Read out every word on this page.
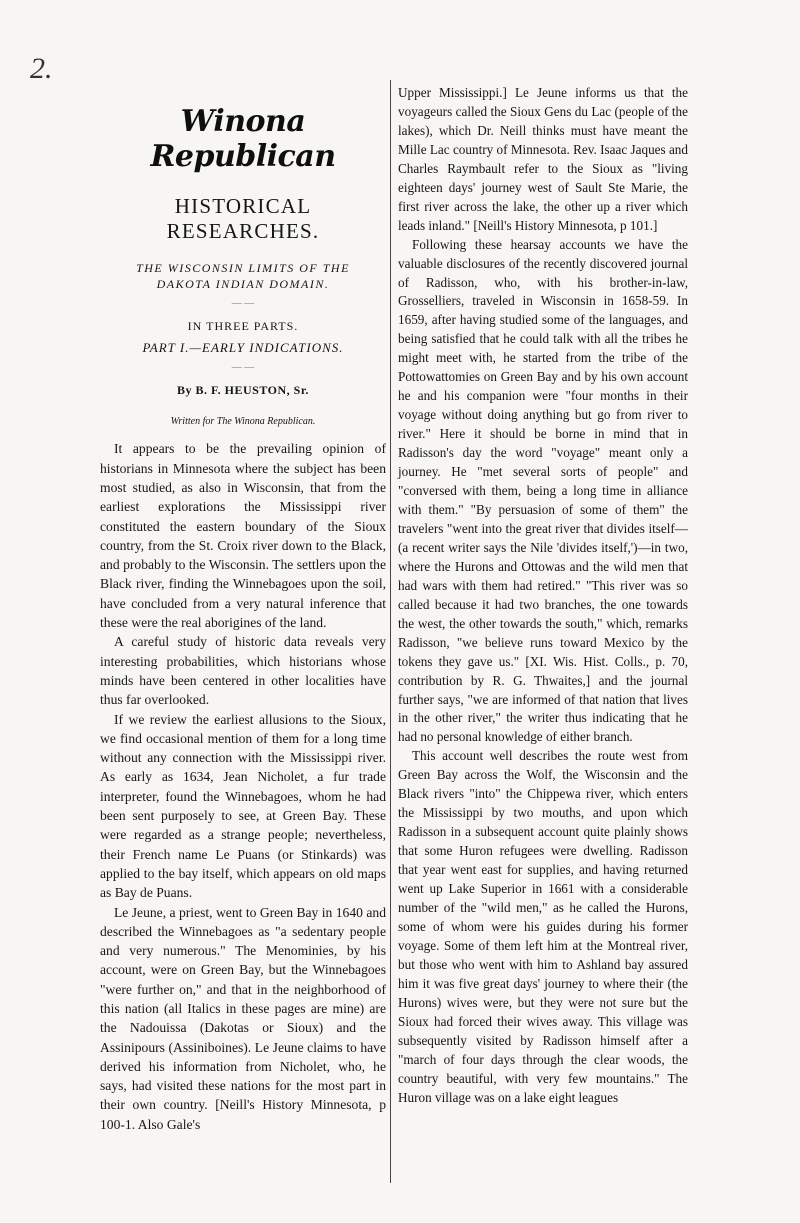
2.
Winona Republican
HISTORICAL RESEARCHES.
THE WISCONSIN LIMITS OF THE DAKOTA INDIAN DOMAIN.
— —
IN THREE PARTS.
PART I.—EARLY INDICATIONS.
— —
By B. F. HEUSTON, Sr.
Written for The Winona Republican.

It appears to be the prevailing opinion of historians in Minnesota where the subject has been most studied, as also in Wisconsin, that from the earliest explorations the Mississippi river constituted the eastern boundary of the Sioux country, from the St. Croix river down to the Black, and probably to the Wisconsin. The settlers upon the Black river, finding the Winnebagoes upon the soil, have concluded from a very natural inference that these were the real aborigines of the land.

A careful study of historic data reveals very interesting probabilities, which historians whose minds have been centered in other localities have thus far overlooked.

If we review the earliest allusions to the Sioux, we find occasional mention of them for a long time without any connection with the Mississippi river. As early as 1634, Jean Nicholet, a fur trade interpreter, found the Winnebagoes, whom he had been sent purposely to see, at Green Bay. These were regarded as a strange people; nevertheless, their French name Le Puans (or Stinkards) was applied to the bay itself, which appears on old maps as Bay de Puans.

Le Jeune, a priest, went to Green Bay in 1640 and described the Winnebagoes as "a sedentary people and very numerous." The Menominies, by his account, were on Green Bay, but the Winnebagoes "were further on," and that in the neighborhood of this nation (all Italics in these pages are mine) are the Nadouissa (Dakotas or Sioux) and the Assinipours (Assiniboines). Le Jeune claims to have derived his information from Nicholet, who, he says, had visited these nations for the most part in their own country. [Neill's History Minnesota, p 100-1. Also Gale's

Upper Mississippi.] Le Jeune informs us that the voyageurs called the Sioux Gens du Lac (people of the lakes), which Dr. Neill thinks must have meant the Mille Lac country of Minnesota. Rev. Isaac Jaques and Charles Raymbault refer to the Sioux as "living eighteen days' journey west of Sault Ste Marie, the first river across the lake, the other up a river which leads inland." [Neill's History Minnesota, p 101.]

Following these hearsay accounts we have the valuable disclosures of the recently discovered journal of Radisson, who, with his brother-in-law, Grosselliers, traveled in Wisconsin in 1658-59. In 1659, after having studied some of the languages, and being satisfied that he could talk with all the tribes he might meet with, he started from the tribe of the Pottowattomies on Green Bay and by his own account he and his companion were "four months in their voyage without doing anything but go from river to river." Here it should be borne in mind that in Radisson's day the word "voyage" meant only a journey. He "met several sorts of people" and "conversed with them, being a long time in alliance with them." "By persuasion of some of them" the travelers "went into the great river that divides itself—(a recent writer says the Nile 'divides itself,')—in two, where the Hurons and Ottowas and the wild men that had wars with them had retired." "This river was so called because it had two branches, the one towards the west, the other towards the south," which, remarks Radisson, "we believe runs toward Mexico by the tokens they gave us." [XI. Wis. Hist. Colls., p. 70, contribution by R. G. Thwaites,] and the journal further says, "we are informed of that nation that lives in the other river," the writer thus indicating that he had no personal knowledge of either branch.

This account well describes the route west from Green Bay across the Wolf, the Wisconsin and the Black rivers "into" the Chippewa river, which enters the Mississippi by two mouths, and upon which Radisson in a subsequent account quite plainly shows that some Huron refugees were dwelling. Radisson that year went east for supplies, and having returned went up Lake Superior in 1661 with a considerable number of the "wild men," as he called the Hurons, some of whom were his guides during his former voyage. Some of them left him at the Montreal river, but those who went with him to Ashland bay assured him it was five great days' journey to where their (the Hurons) wives were, but they were not sure but the Sioux had forced their wives away. This village was subsequently visited by Radisson himself after a "march of four days through the clear woods, the country beautiful, with very few mountains." The Huron village was on a lake eight leagues
